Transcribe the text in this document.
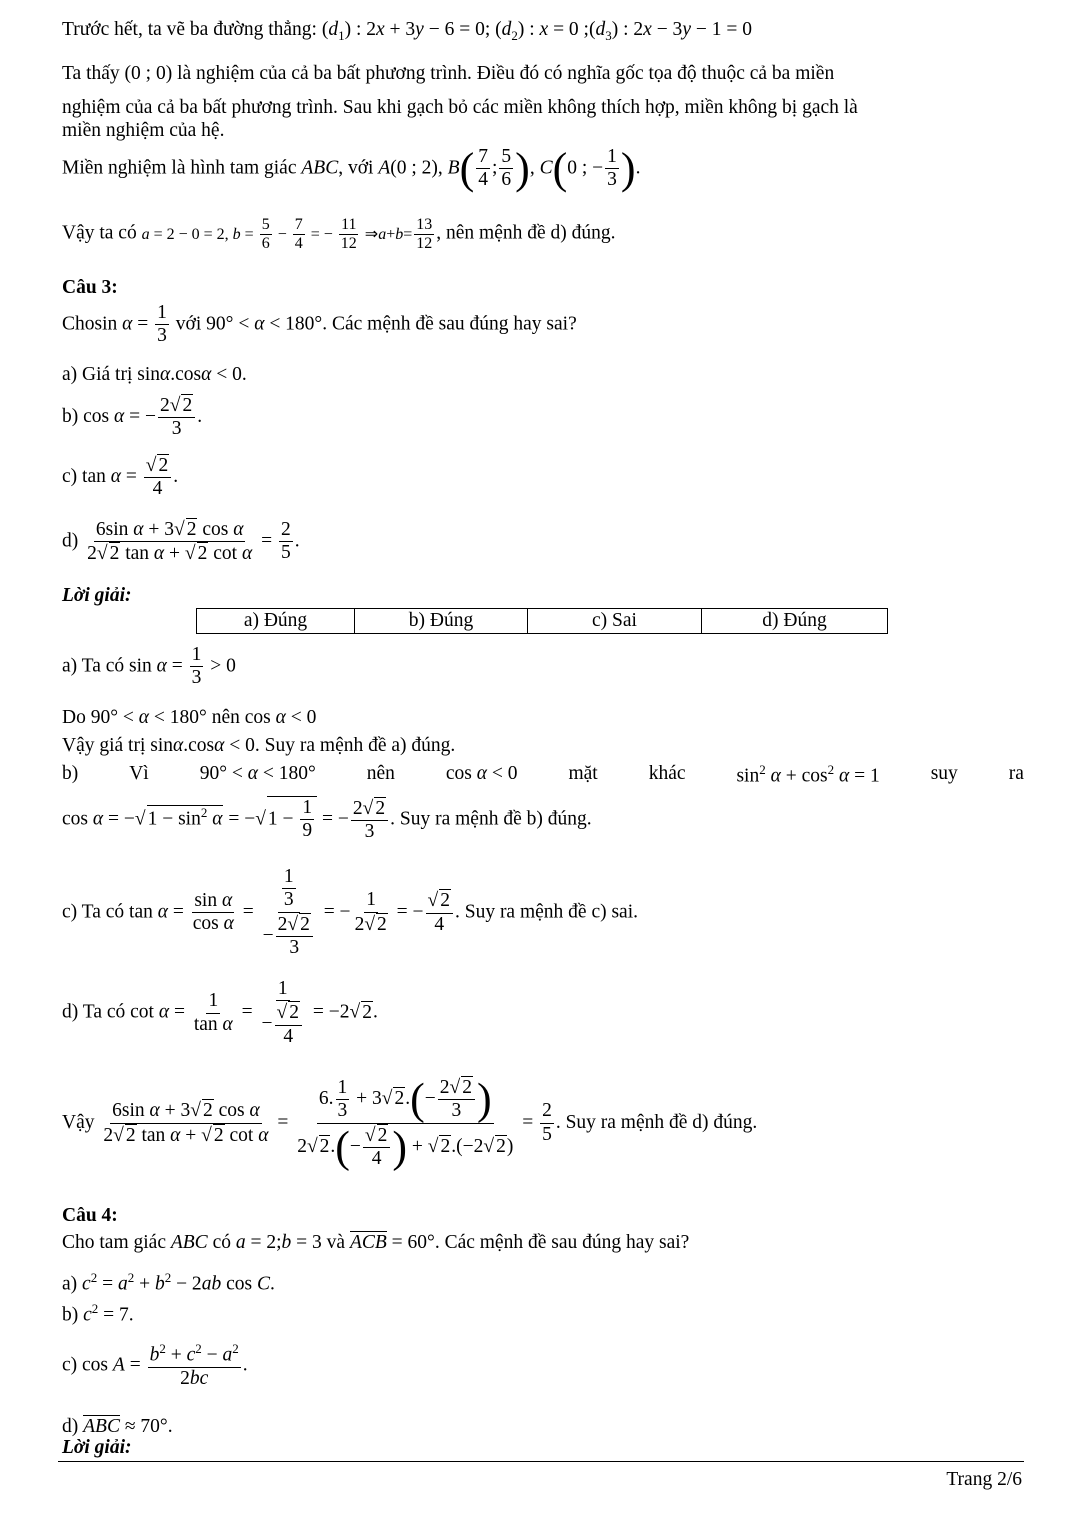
Trước hết, ta vẽ ba đường thẳng: $(d_1)$ : 2x + 3y − 6 = 0; $(d_2)$ : x = 0 $;(d_3)$ : 2x − 3y − 1 = 0

Ta thấy (0 ; 0) là nghiệm của cả ba bất phương trình. Điều đó có nghĩa gốc tọa độ thuộc cả ba miền

nghiệm của cả ba bất phương trình. Sau khi gạch bỏ các miền không thích hợp, miền không bị gạch là

miền nghiệm của hệ.

Miền nghiệm là hình tam giác ABC, với A(0 ; 2), $B( \frac{7}{4}$ ; $\frac{5}{6}$ ), C(0 ; − $\frac{1}{3}$ ).

Vậy ta có a = 2 − 0 = 2, $b = \frac{5}{6} - \frac{7}{4}$ = − $\frac{11}{12}$ ⇒a+b= $\frac{13}{12}$ , nên mệnh đề d) đúng.

Câu 3:

Chosin $\alpha = \frac{1}{3}$ với 90° < α < 180°. Các mệnh đề sau đúng hay sai?

a) Giá trị sinα.cosα < 0.

b) cos α = − $\frac{2√ 2}{3}$ .

c) $\tan \alpha = \frac{√ 2}{4}$ .

$d) \frac{\text{6sin α + 3√ 2 cos α}}{\text{2√ 2 tan α + √ 2 cot α}} = \frac{2}{5}$ .

Lời giải:

a) Đúng	b) Đúng	c) Sai	d) Đúng

a) Ta có $\sin \alpha = \frac{1}{3} > 0$

Do 90° < α < 180° nên cos α < 0

Vậy giá trị sinα.cosα < 0. Suy ra mệnh đề a) đúng.

b)	Vì	90° < α < 180°	nên	cos α < 0	mặt	khác	$\sin^2 \alpha + \cos^2 \alpha = 1$	suy	ra

cos α = −√ $1 - \sin^2 \alpha$ = −√ $1 - \frac{1}{9}$ = − $\frac{2√ 2}{3}$ . Suy ra mệnh đề b) đúng.

c) Ta có $\tan \alpha = \frac{\text{sin α}}{\text{cos α}} = \frac{\frac{1}{3}}{- \frac{2√ 2}{3}}$ = − $\frac{1}{2√ 2}$ = − $\frac{√ 2}{4}$ . Suy ra mệnh đề c) sai.

d) Ta có $\cot \alpha = \frac{1}{\text{tan α}} = \frac{1}{- \frac{√ 2}{4}} = -2√$ 2.

Vậy $\frac{\text{6sin α + 3√ 2 cos α}}{\text{2√ 2 tan α + √ 2 cot α}} = \frac{6. \frac{1}{3} + 3√ 2.(- \frac{2√ 2}{3} )}{2√ 2.(- \frac{√ 2}{4} ) + √ 2.(-2√ 2)} = \frac{2}{5}$ . Suy ra mệnh đề d) đúng.

Câu 4:

Cho tam giác ABC có a = 2;b = 3 và ACB = 60°. Các mệnh đề sau đúng hay sai?

a) $c^2 = a^2 + b^2 - 2ab$ cos C.

b) $c^2 = 7$.

c) $\cos A = \frac{b^2 + c^2 - a^2}{2bc}$ .

d) ABC ≈ 70°.

Lời giải:

Trang 2/6
